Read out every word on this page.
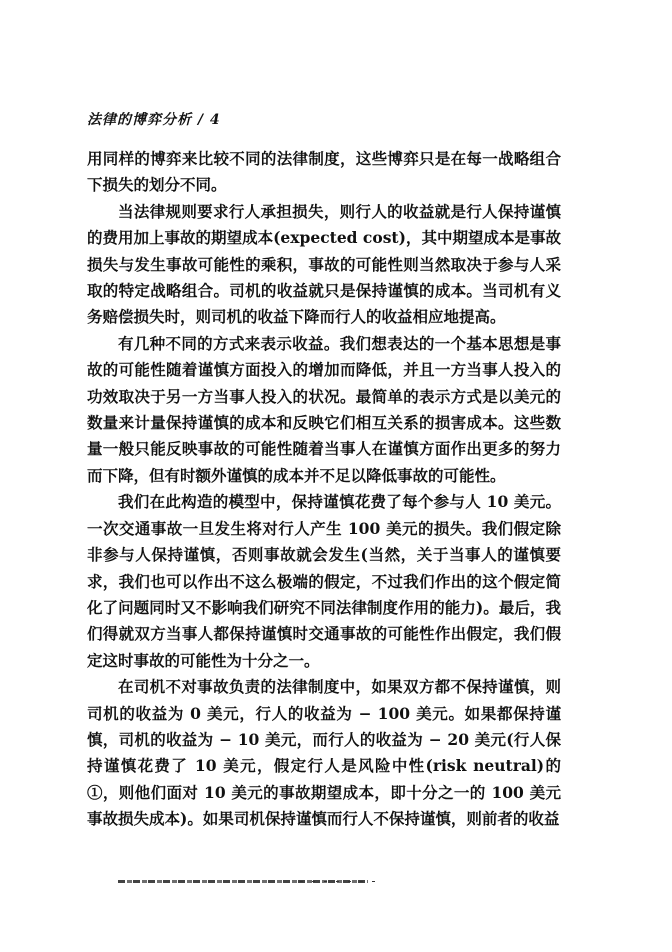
法律的博弈分析 / 4

用同样的博弈来比较不同的法律制度，这些博弈只是在每一战略组合下损失的划分不同。

当法律规则要求行人承担损失，则行人的收益就是行人保持谨慎的费用加上事故的期望成本(expected cost)，其中期望成本是事故损失与发生事故可能性的乘积，事故的可能性则当然取决于参与人采取的特定战略组合。司机的收益就只是保持谨慎的成本。当司机有义务赔偿损失时，则司机的收益下降而行人的收益相应地提高。

有几种不同的方式来表示收益。我们想表达的一个基本思想是事故的可能性随着谨慎方面投入的增加而降低，并且一方当事人投入的功效取决于另一方当事人投入的状况。最简单的表示方式是以美元的数量来计量保持谨慎的成本和反映它们相互关系的损害成本。这些数量一般只能反映事故的可能性随着当事人在谨慎方面作出更多的努力而下降，但有时额外谨慎的成本并不足以降低事故的可能性。

我们在此构造的模型中，保持谨慎花费了每个参与人 10 美元。一次交通事故一旦发生将对行人产生 100 美元的损失。我们假定除非参与人保持谨慎，否则事故就会发生(当然，关于当事人的谨慎要求，我们也可以作出不这么极端的假定，不过我们作出的这个假定简化了问题同时又不影响我们研究不同法律制度作用的能力)。最后，我们得就双方当事人都保持谨慎时交通事故的可能性作出假定，我们假定这时事故的可能性为十分之一。

在司机不对事故负责的法律制度中，如果双方都不保持谨慎，则司机的收益为 0 美元，行人的收益为 − 100 美元。如果都保持谨慎，司机的收益为 − 10 美元，而行人的收益为 − 20 美元(行人保持谨慎花费了 10 美元，假定行人是风险中性(risk neutral)的①，则他们面对 10 美元的事故期望成本，即十分之一的 100 美元事故损失成本)。如果司机保持谨慎而行人不保持谨慎，则前者的收益
